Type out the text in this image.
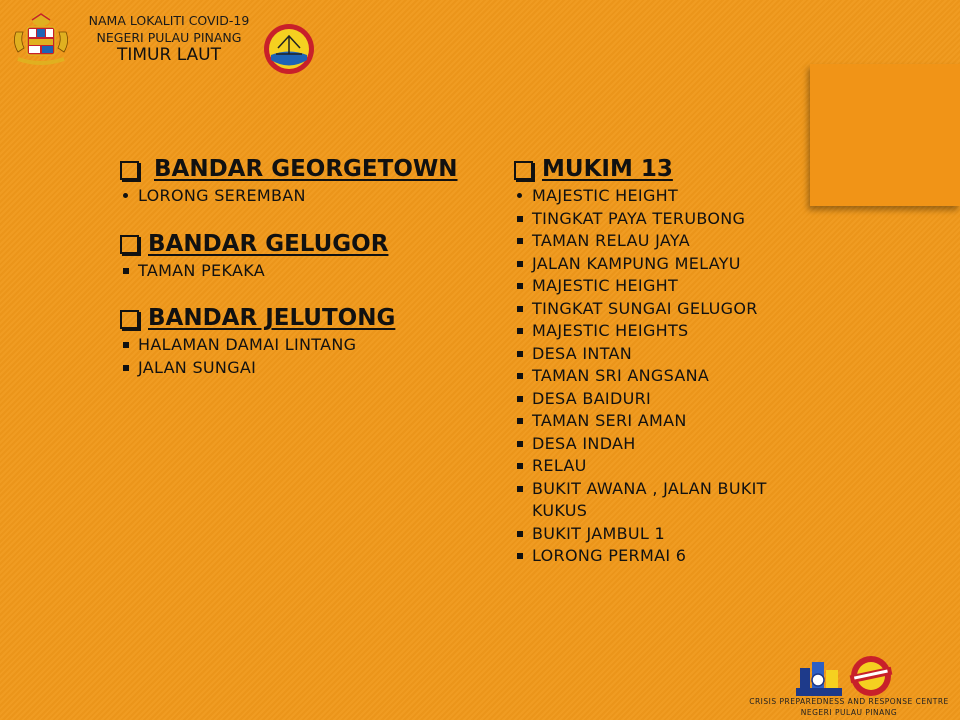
NAMA LOKALITI COVID-19
NEGERI PULAU PINANG
TIMUR LAUT
BANDAR GEORGETOWN
LORONG SEREMBAN
BANDAR GELUGOR
TAMAN PEKAKA
BANDAR JELUTONG
HALAMAN DAMAI LINTANG
JALAN SUNGAI
MUKIM 13
MAJESTIC HEIGHT
TINGKAT PAYA TERUBONG
TAMAN RELAU JAYA
JALAN KAMPUNG MELAYU
MAJESTIC HEIGHT
TINGKAT SUNGAI GELUGOR
MAJESTIC HEIGHTS
DESA INTAN
TAMAN SRI ANGSANA
DESA BAIDURI
TAMAN SERI AMAN
DESA INDAH
RELAU
BUKIT AWANA , JALAN BUKIT KUKUS
BUKIT JAMBUL 1
LORONG PERMAI 6
CRISIS PREPAREDNESS AND RESPONSE CENTRE
NEGERI PULAU PINANG
